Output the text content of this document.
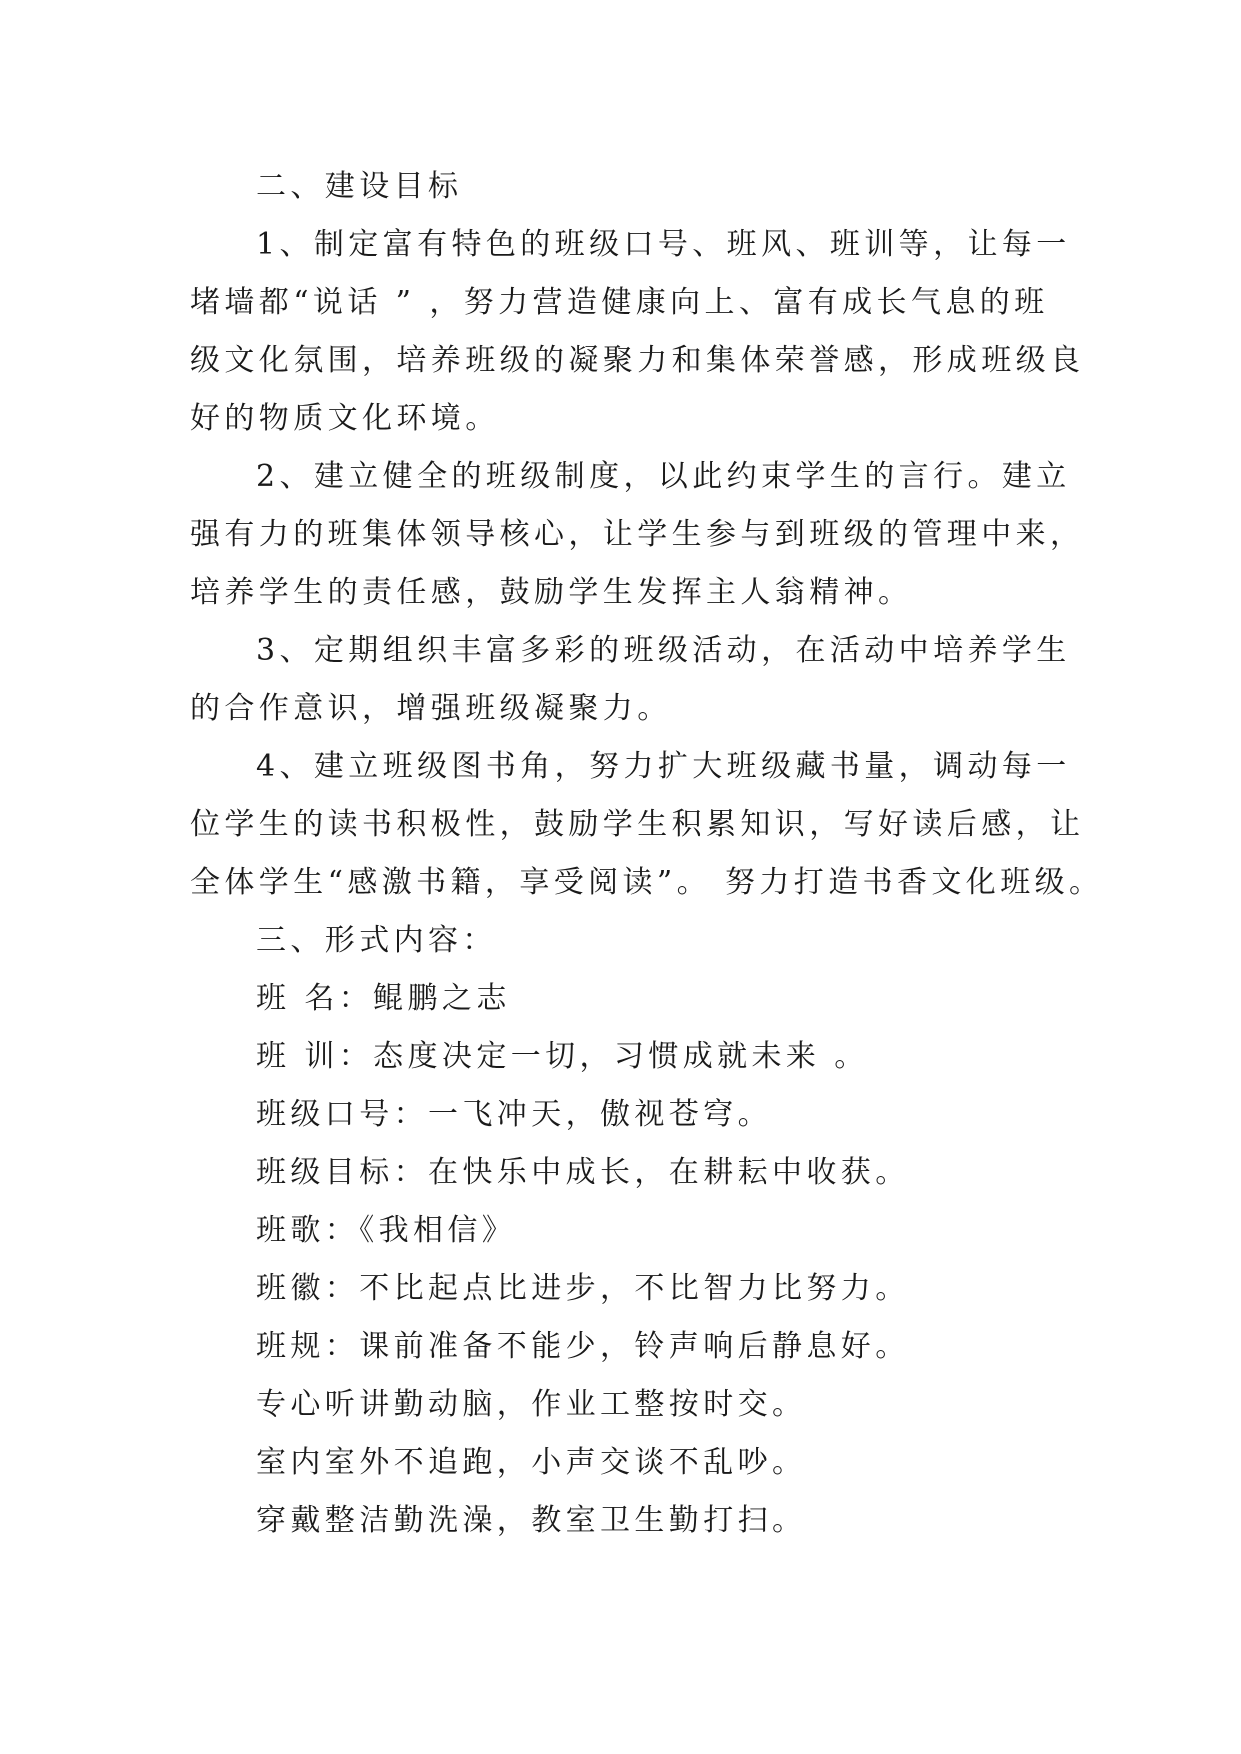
二、建设目标
1、制定富有特色的班级口号、班风、班训等，让每一
堵墙都“说话 ” ，努力营造健康向上、富有成长气息的班
级文化氛围，培养班级的凝聚力和集体荣誉感，形成班级良
好的物质文化环境。
2、建立健全的班级制度，以此约束学生的言行。建立
强有力的班集体领导核心，让学生参与到班级的管理中来，
培养学生的责任感，鼓励学生发挥主人翁精神。
3、定期组织丰富多彩的班级活动，在活动中培养学生
的合作意识，增强班级凝聚力。
4、建立班级图书角，努力扩大班级藏书量，调动每一
位学生的读书积极性，鼓励学生积累知识，写好读后感，让
全体学生“感激书籍，享受阅读”。 努力打造书香文化班级。
三、形式内容：
班 名：鲲鹏之志
班 训：态度决定一切，习惯成就未来 。
班级口号：一飞冲天，傲视苍穹。
班级目标：在快乐中成长，在耕耘中收获。
班歌：《我相信》
班徽：不比起点比进步，不比智力比努力。
班规：课前准备不能少，铃声响后静息好。
专心听讲勤动脑，作业工整按时交。
室内室外不追跑，小声交谈不乱吵。
穿戴整洁勤洗澡，教室卫生勤打扫。
